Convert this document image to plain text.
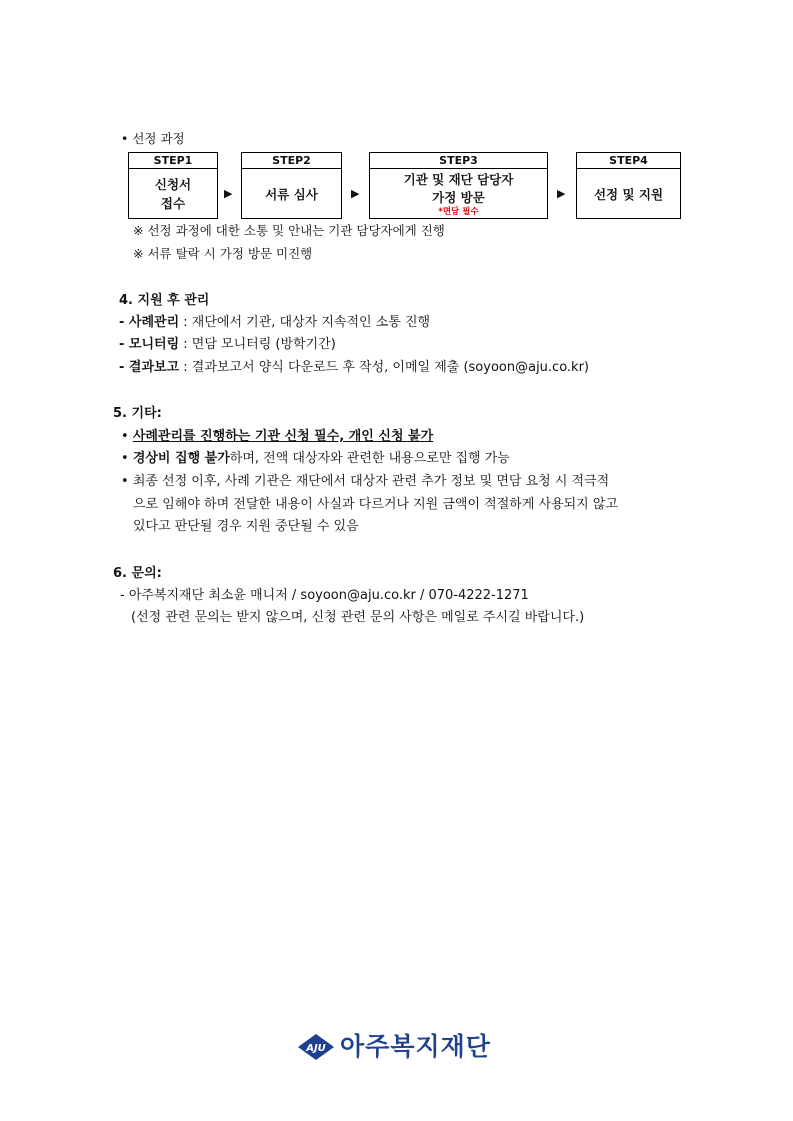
• 선정 과정
STEP1
신청서
접수
▶
STEP2
서류 심사	▶
STEP3
기관 및 재단 담당자
가정 방문
*면담 필수
▶
STEP4
선정 및 지원
※ 선정 과정에 대한 소통 및 안내는 기관 담당자에게 진행
※ 서류 탈락 시 가정 방문 미진행
4. 지원 후 관리
- 사례관리 : 재단에서 기관, 대상자 지속적인 소통 진행
- 모니터링 : 면담 모니터링 (방학기간)
- 결과보고 : 결과보고서 양식 다운로드 후 작성, 이메일 제출 (soyoon@aju.co.kr)
5. 기타:
• 사례관리를 진행하는 기관 신청 필수, 개인 신청 불가
• 경상비 집행 불가하며, 전액 대상자와 관련한 내용으로만 집행 가능
• 최종 선정 이후, 사례 기관은 재단에서 대상자 관련 추가 정보 및 면담 요청 시 적극적
으로 임해야 하며 전달한 내용이 사실과 다르거나 지원 금액이 적절하게 사용되지 않고
있다고 판단될 경우 지원 중단될 수 있음
6. 문의:
- 아주복지재단 최소윤 매니저 / soyoon@aju.co.kr / 070-4222-1271
(선정 관련 문의는 받지 않으며, 신청 관련 문의 사항은 메일로 주시길 바랍니다.)
AJU 아주복지재단
